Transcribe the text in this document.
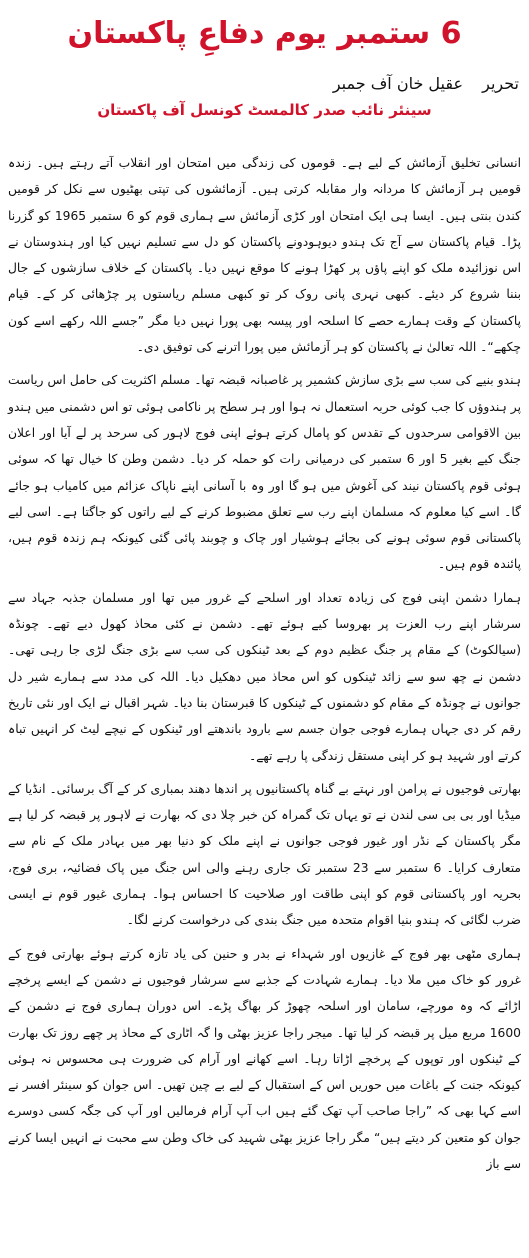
6 ستمبر یوم دفاعِ پاکستان
تحریر عقیل خان آف جمبر
سینئر نائب صدر کالمسٹ کونسل آف پاکستان

انسانی تخلیق آزمائش کے لیے ہے۔ قوموں کی زندگی میں امتحان اور انقلاب آتے رہتے ہیں۔ زندہ قومیں ہر آزمائش کا مردانہ وار مقابلہ کرتی ہیں۔ آزمائشوں کی تپتی بھٹیوں سے نکل کر قومیں کندن بنتی ہیں۔ ایسا ہی ایک امتحان اور کڑی آزمائش سے ہماری قوم کو 6 ستمبر 1965 کو گزرنا پڑا۔ قیام پاکستان سے آج تک ہندو دیوہودونے پاکستان کو دل سے تسلیم نہیں کیا اور ہندوستان نے اس نوزائیدہ ملک کو اپنے پاؤں پر کھڑا ہونے کا موقع نہیں دیا۔ پاکستان کے خلاف سازشوں کے جال بننا شروع کر دیئے۔ کبھی نہری پانی روک کر تو کبھی مسلم ریاستوں پر چڑھائی کر کے۔ قیام پاکستان کے وقت ہمارے حصے کا اسلحہ اور پیسہ بھی پورا نہیں دیا مگر ”جسے اللہ رکھے اسے کون چکھے“۔ اللہ تعالیٰ نے پاکستان کو ہر آزمائش میں پورا اترنے کی توفیق دی۔

ہندو بنیے کی سب سے بڑی سازش کشمیر پر غاصبانہ قبضہ تھا۔ مسلم اکثریت کی حامل اس ریاست پر ہندوؤں کا جب کوئی حربہ استعمال نہ ہوا اور ہر سطح پر ناکامی ہوئی تو اس دشمنی میں ہندو بین الاقوامی سرحدوں کے تقدس کو پامال کرتے ہوئے اپنی فوج لاہور کی سرحد پر لے آیا اور اعلان جنگ کیے بغیر 5 اور 6 ستمبر کی درمیانی رات کو حملہ کر دیا۔ دشمن وطن کا خیال تھا کہ سوئی ہوئی قوم پاکستان نیند کی آغوش میں ہو گا اور وہ با آسانی اپنے ناپاک عزائم میں کامیاب ہو جائے گا۔ اسے کیا معلوم کہ مسلمان اپنے رب سے تعلق مضبوط کرنے کے لیے راتوں کو جاگتا ہے۔ اسی لیے پاکستانی قوم سوئی ہونے کی بجائے ہوشیار اور چاک و چوبند پائی گئی کیونکہ ہم زندہ قوم ہیں، پائندہ قوم ہیں۔

ہمارا دشمن اپنی فوج کی زیادہ تعداد اور اسلحے کے غرور میں تھا اور مسلمان جذبہ جہاد سے سرشار اپنے رب العزت پر بھروسا کیے ہوئے تھے۔ دشمن نے کئی محاذ کھول دیے تھے۔ چونڈہ (سیالکوٹ) کے مقام پر جنگ عظیم دوم کے بعد ٹینکوں کی سب سے بڑی جنگ لڑی جا رہی تھی۔ دشمن نے چھ سو سے زائد ٹینکوں کو اس محاذ میں دھکیل دیا۔ اللہ کی مدد سے ہمارے شیر دل جوانوں نے چونڈہ کے مقام کو دشمنوں کے ٹینکوں کا قبرستان بنا دیا۔ شہر اقبال نے ایک اور نئی تاریخ رقم کر دی جہاں ہمارے فوجی جوان جسم سے بارود باندھتے اور ٹینکوں کے نیچے لیٹ کر انہیں تباہ کرتے اور شہید ہو کر اپنی مستقل زندگی پا رہے تھے۔

بھارتی فوجیوں نے پرامن اور نہتے بے گناہ پاکستانیوں پر اندھا دھند بمباری کر کے آگ برسائی۔ انڈیا کے میڈیا اور بی بی سی لندن نے تو یہاں تک گمراہ کن خبر چلا دی کہ بھارت نے لاہور پر قبضہ کر لیا ہے مگر پاکستان کے نڈر اور غیور فوجی جوانوں نے اپنے ملک کو دنیا بھر میں بہادر ملک کے نام سے متعارف کرایا۔ 6 ستمبر سے 23 ستمبر تک جاری رہنے والی اس جنگ میں پاک فضائیہ، بری فوج، بحریہ اور پاکستانی قوم کو اپنی طاقت اور صلاحیت کا احساس ہوا۔ ہماری غیور قوم نے ایسی ضرب لگائی کہ ہندو بنیا اقوام متحدہ میں جنگ بندی کی درخواست کرنے لگا۔

ہماری مٹھی بھر فوج کے غازیوں اور شہداء نے بدر و حنین کی یاد تازہ کرتے ہوئے بھارتی فوج کے غرور کو خاک میں ملا دیا۔ ہمارے شہادت کے جذبے سے سرشار فوجیوں نے دشمن کے ایسے پرخچے اڑائے کہ وہ مورچے، سامان اور اسلحہ چھوڑ کر بھاگ پڑے۔ اس دوران ہماری فوج نے دشمن کے 1600 مربع میل پر قبضہ کر لیا تھا۔ میجر راجا عزیز بھٹی وا گہ اٹاری کے محاذ پر چھے روز تک بھارت کے ٹینکوں اور توپوں کے پرخچے اڑاتا رہا۔ اسے کھانے اور آرام کی ضرورت ہی محسوس نہ ہوئی کیونکہ جنت کے باغات میں حوریں اس کے استقبال کے لیے بے چین تھیں۔ اس جوان کو سینئر افسر نے اسے کہا بھی کہ ”راجا صاحب آپ تھک گئے ہیں اب آپ آرام فرمالیں اور آپ کی جگہ کسی دوسرے جوان کو متعین کر دیتے ہیں“ مگر راجا عزیز بھٹی شہید کی خاک وطن سے محبت نے انہیں ایسا کرنے سے باز
